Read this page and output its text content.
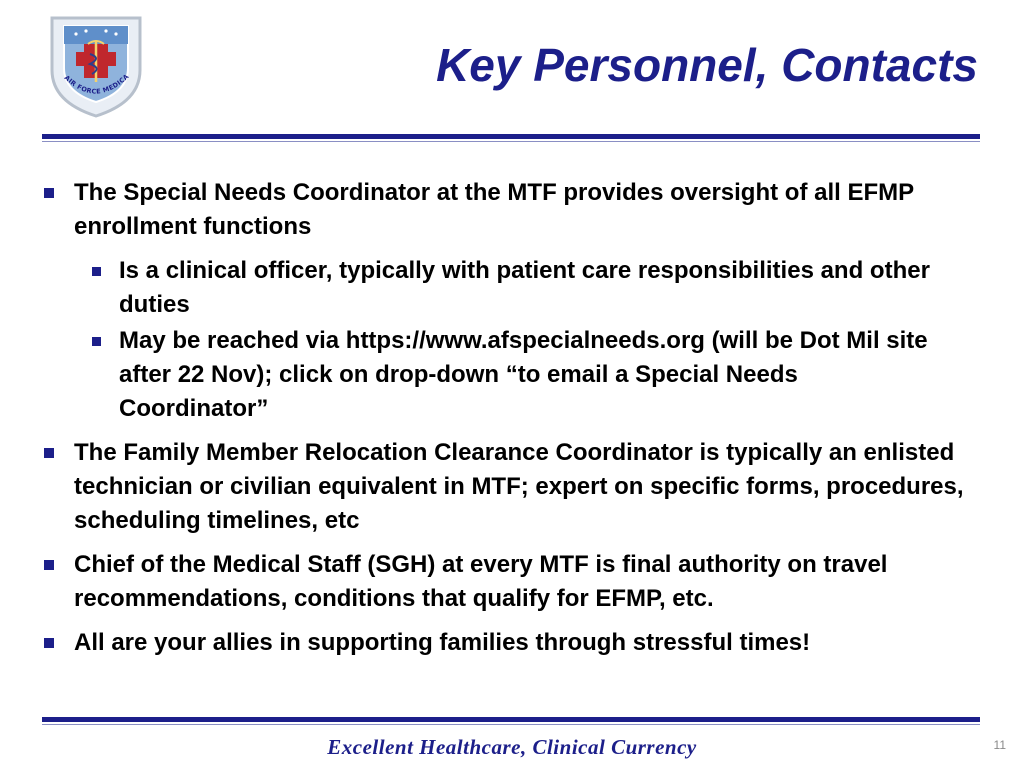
AIR FORCE MEDICA	Key Personnel, Contacts
The Special Needs Coordinator at the MTF provides oversight of all EFMP enrollment functions
Is a clinical officer, typically with patient care responsibilities and other duties
May be reached via https://www.afspecialneeds.org (will be Dot Mil site after 22 Nov); click on drop-down “to email a Special Needs Coordinator”
The Family Member Relocation Clearance Coordinator is typically an enlisted technician or civilian equivalent in MTF; expert on specific forms, procedures, scheduling timelines, etc
Chief of the Medical Staff (SGH) at every MTF is final authority on travel recommendations, conditions that qualify for EFMP, etc.
All are your allies in supporting families through stressful times!
Excellent Healthcare, Clinical Currency	11
